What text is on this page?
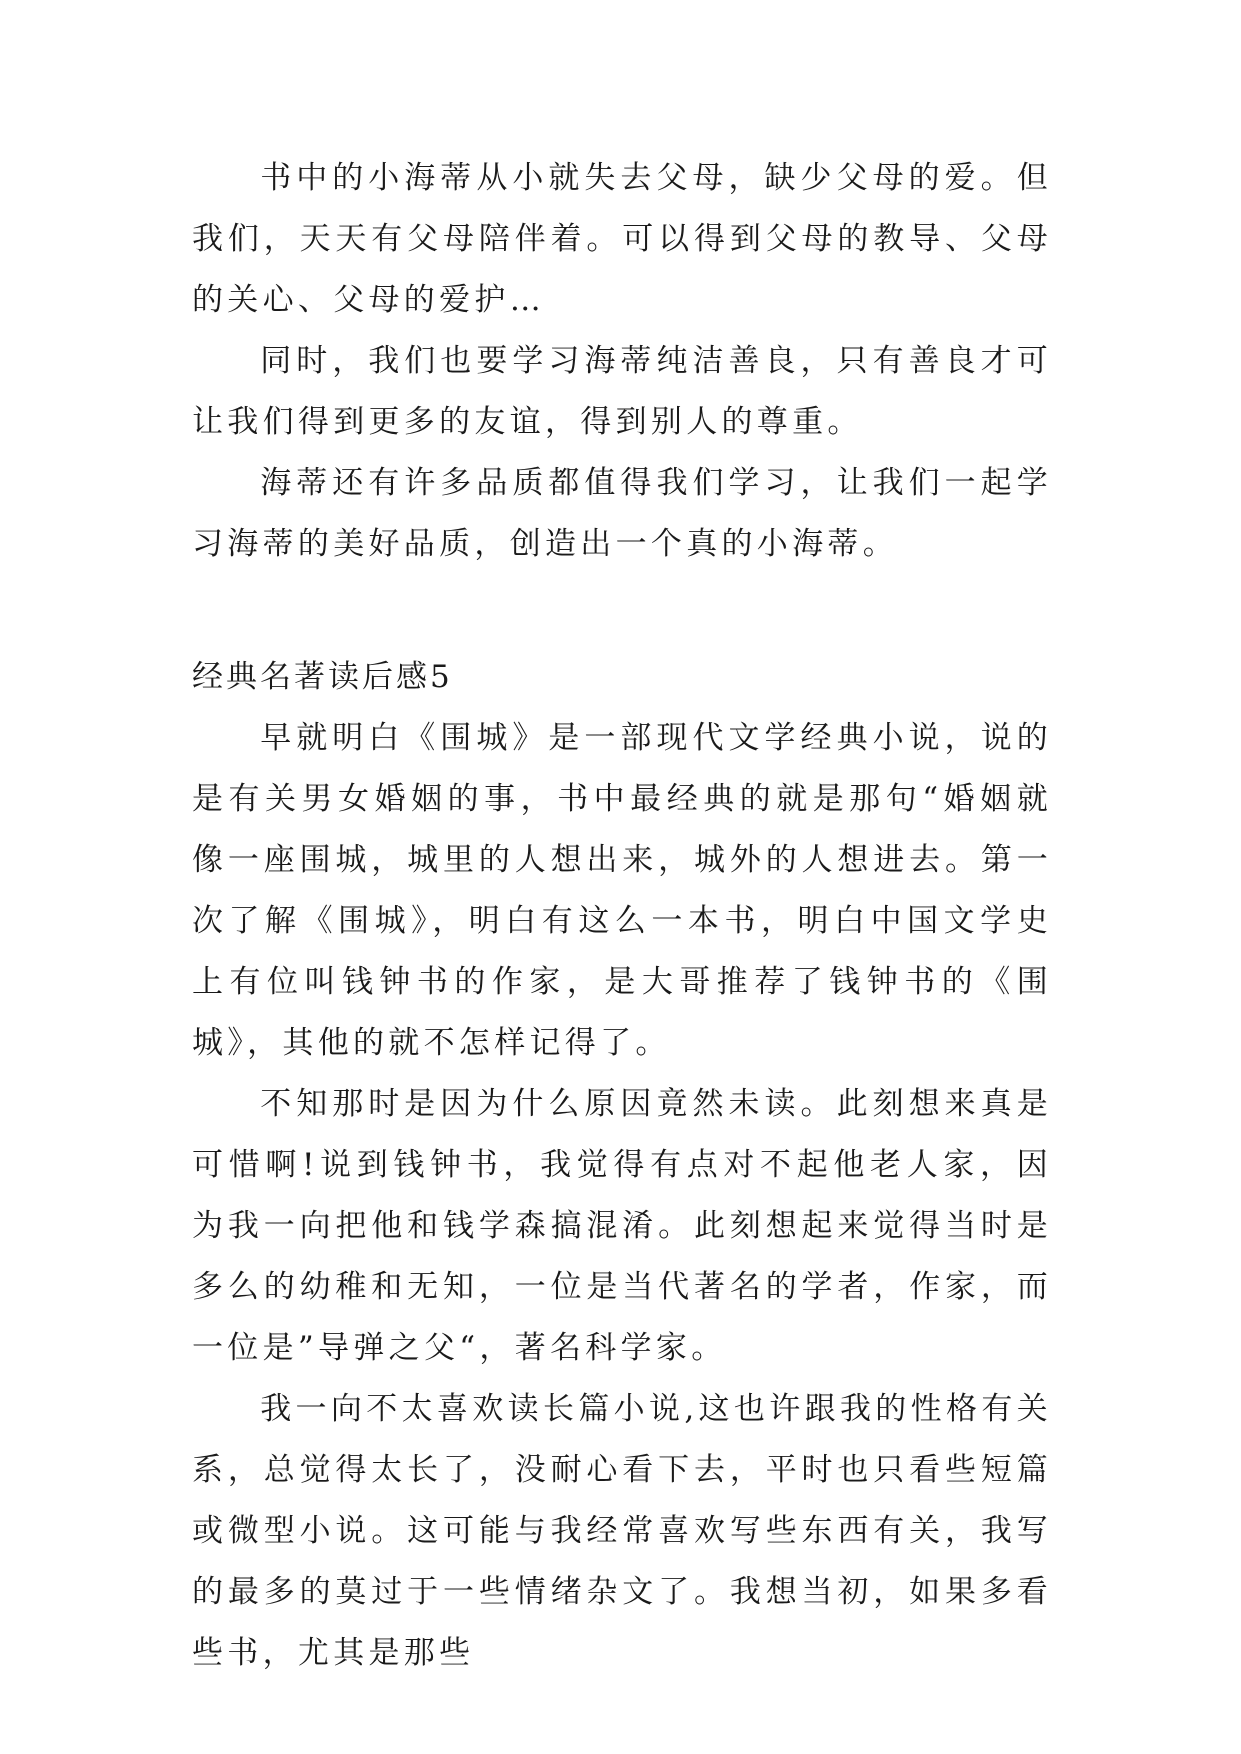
书中的小海蒂从小就失去父母，缺少父母的爱。但我们，天天有父母陪伴着。可以得到父母的教导、父母的关心、父母的爱护…

同时，我们也要学习海蒂纯洁善良，只有善良才可让我们得到更多的友谊，得到别人的尊重。

海蒂还有许多品质都值得我们学习，让我们一起学习海蒂的美好品质，创造出一个真的小海蒂。

经典名著读后感5

早就明白《围城》是一部现代文学经典小说，说的是有关男女婚姻的事，书中最经典的就是那句“婚姻就像一座围城，城里的人想出来，城外的人想进去。第一次了解《围城》，明白有这么一本书，明白中国文学史上有位叫钱钟书的作家，是大哥推荐了钱钟书的《围城》，其他的就不怎样记得了。

不知那时是因为什么原因竟然未读。此刻想来真是可惜啊!说到钱钟书，我觉得有点对不起他老人家，因为我一向把他和钱学森搞混淆。此刻想起来觉得当时是多么的幼稚和无知，一位是当代著名的学者，作家，而一位是”导弹之父“，著名科学家。

我一向不太喜欢读长篇小说,这也许跟我的性格有关系，总觉得太长了，没耐心看下去，平时也只看些短篇或微型小说。这可能与我经常喜欢写些东西有关，我写的最多的莫过于一些情绪杂文了。我想当初，如果多看些书，尤其是那些
